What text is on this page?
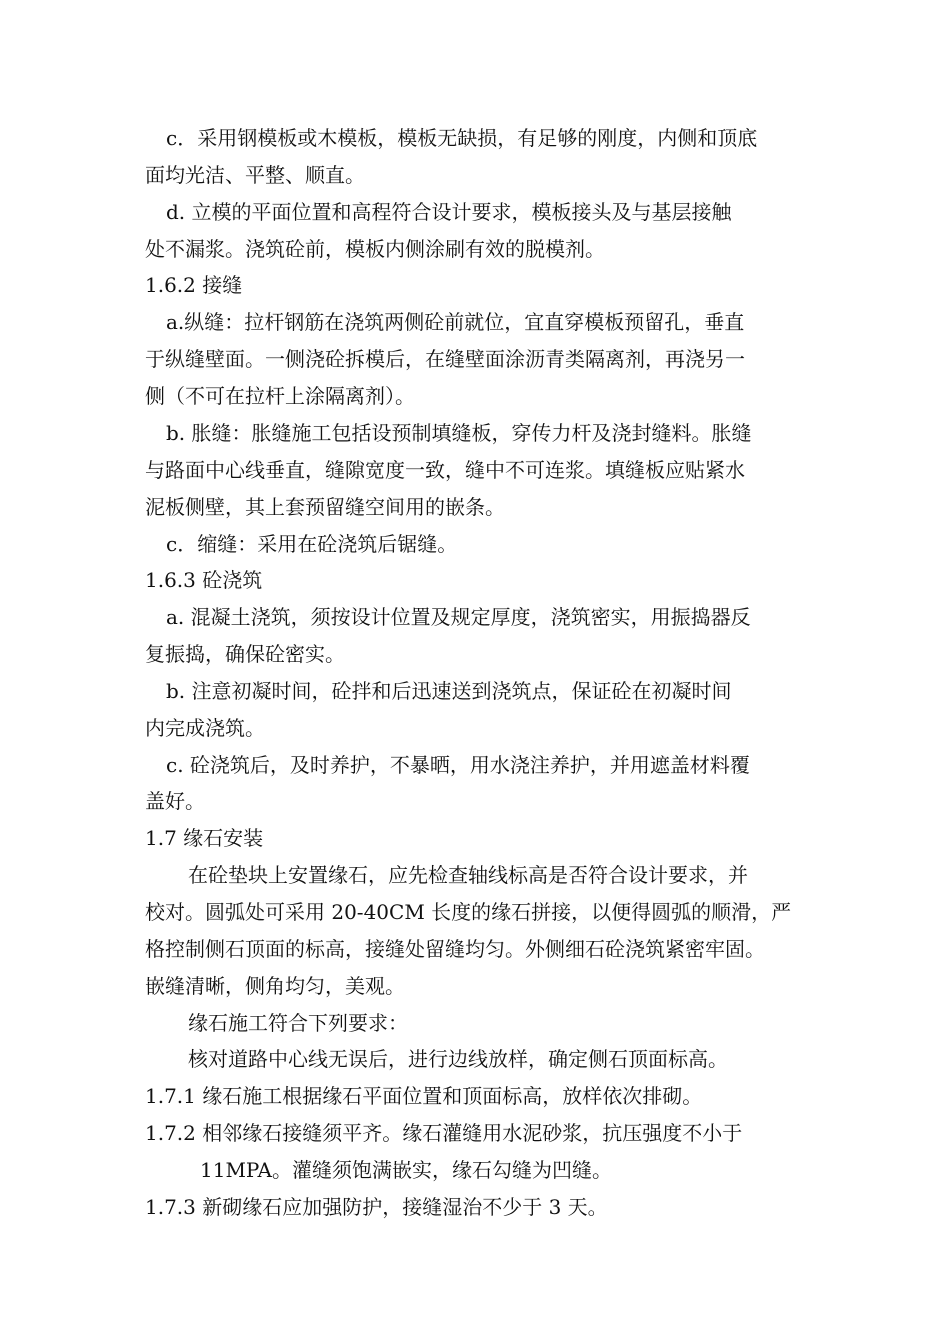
c．采用钢模板或木模板，模板无缺损，有足够的刚度，内侧和顶底
面均光洁、平整、顺直。
d. 立模的平面位置和高程符合设计要求，模板接头及与基层接触
处不漏浆。浇筑砼前，模板内侧涂刷有效的脱模剂。
1.6.2 接缝
a.纵缝：拉杆钢筋在浇筑两侧砼前就位，宜直穿模板预留孔，垂直
于纵缝壁面。一侧浇砼拆模后，在缝壁面涂沥青类隔离剂，再浇另一
侧（不可在拉杆上涂隔离剂）。
b. 胀缝：胀缝施工包括设预制填缝板，穿传力杆及浇封缝料。胀缝
与路面中心线垂直，缝隙宽度一致，缝中不可连浆。填缝板应贴紧水
泥板侧壁，其上套预留缝空间用的嵌条。
c．缩缝：采用在砼浇筑后锯缝。
1.6.3 砼浇筑
a. 混凝土浇筑，须按设计位置及规定厚度，浇筑密实，用振捣器反
复振捣，确保砼密实。
b. 注意初凝时间，砼拌和后迅速送到浇筑点，保证砼在初凝时间
内完成浇筑。
c. 砼浇筑后，及时养护，不暴晒，用水浇注养护，并用遮盖材料覆
盖好。
1.7 缘石安装
在砼垫块上安置缘石，应先检查轴线标高是否符合设计要求，并
校对。圆弧处可采用 20-40CM 长度的缘石拼接，以便得圆弧的顺滑，严
格控制侧石顶面的标高，接缝处留缝均匀。外侧细石砼浇筑紧密牢固。
嵌缝清晰，侧角均匀，美观。
缘石施工符合下列要求：
核对道路中心线无误后，进行边线放样，确定侧石顶面标高。
1.7.1 缘石施工根据缘石平面位置和顶面标高，放样依次排砌。
1.7.2 相邻缘石接缝须平齐。缘石灌缝用水泥砂浆，抗压强度不小于
11MPA。灌缝须饱满嵌实，缘石勾缝为凹缝。
1.7.3 新砌缘石应加强防护，接缝湿治不少于 3 天。
